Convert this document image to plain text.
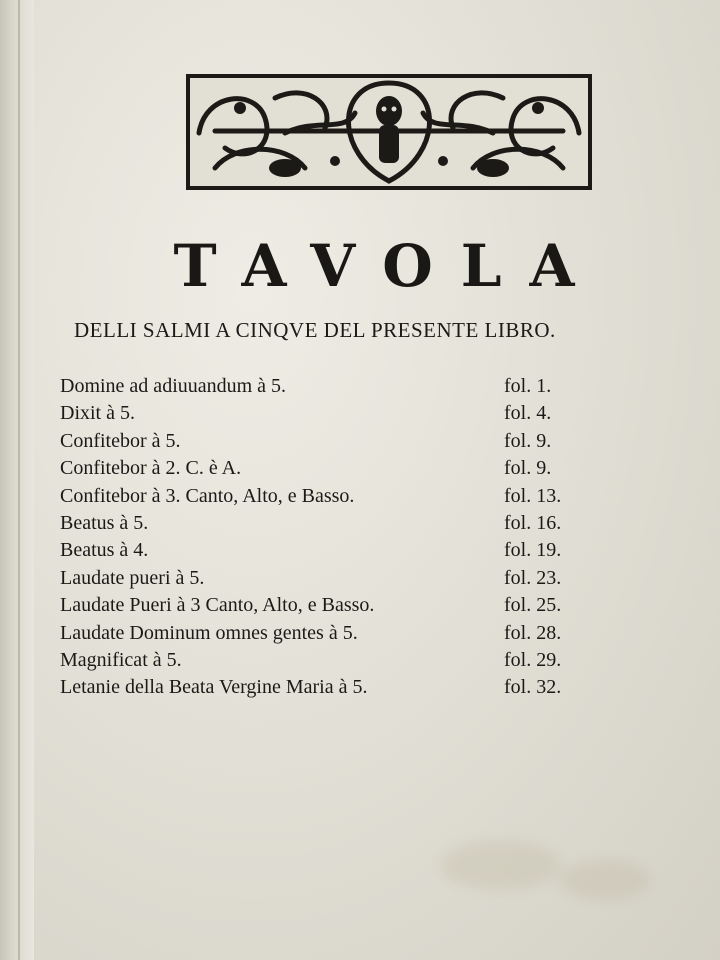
TAVOLA
DELLI SALMI A CINQVE DEL PRESENTE LIBRO.
Domine ad adiuuandum à 5.	fol. 1.
Dixit à 5.	fol. 4.
Confitebor à 5.	fol. 9.
Confitebor à 2. C. è A.	fol. 9.
Confitebor à 3. Canto, Alto, e Basso.	fol. 13.
Beatus à 5.	fol. 16.
Beatus à 4.	fol. 19.
Laudate pueri à 5.	fol. 23.
Laudate Pueri à 3 Canto, Alto, e Basso.	fol. 25.
Laudate Dominum omnes gentes à 5.	fol. 28.
Magnificat à 5.	fol. 29.
Letanie della Beata Vergine Maria à 5.	fol. 32.
